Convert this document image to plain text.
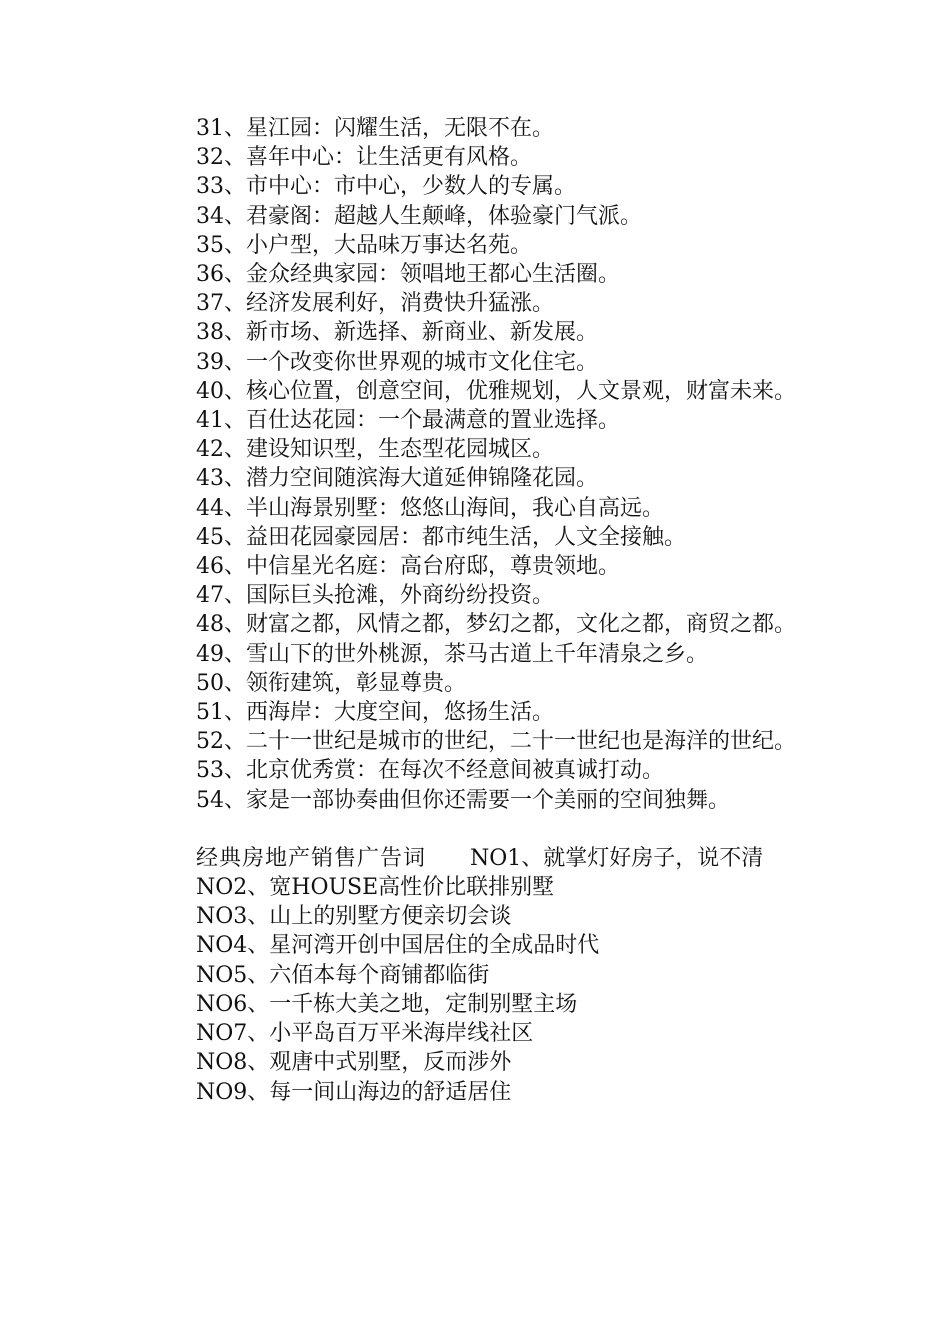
31、星江园：闪耀生活，无限不在。

32、喜年中心：让生活更有风格。

33、市中心：市中心，少数人的专属。

34、君豪阁：超越人生颠峰，体验豪门气派。

35、小户型，大品味万事达名苑。

36、金众经典家园：领唱地王都心生活圈。

37、经济发展利好，消费快升猛涨。

38、新市场、新选择、新商业、新发展。

39、一个改变你世界观的城市文化住宅。

40、核心位置，创意空间，优雅规划，人文景观，财富未来。

41、百仕达花园：一个最满意的置业选择。

42、建设知识型，生态型花园城区。

43、潜力空间随滨海大道延伸锦隆花园。

44、半山海景别墅：悠悠山海间，我心自高远。

45、益田花园豪园居：都市纯生活，人文全接触。

46、中信星光名庭：高台府邸，尊贵领地。

47、国际巨头抢滩，外商纷纷投资。

48、财富之都，风情之都，梦幻之都，文化之都，商贸之都。

49、雪山下的世外桃源，茶马古道上千年清泉之乡。

50、领衔建筑，彰显尊贵。

51、西海岸：大度空间，悠扬生活。

52、二十一世纪是城市的世纪，二十一世纪也是海洋的世纪。

53、北京优秀赏：在每次不经意间被真诚打动。

54、家是一部协奏曲但你还需要一个美丽的空间独舞。

经典房地产销售广告词 NO1、就掌灯好房子，说不清

NO2、宽HOUSE高性价比联排别墅

NO3、山上的别墅方便亲切会谈

NO4、星河湾开创中国居住的全成品时代

NO5、六佰本每个商铺都临街

NO6、一千栋大美之地，定制别墅主场

NO7、小平岛百万平米海岸线社区

NO8、观唐中式别墅，反而涉外

NO9、每一间山海边的舒适居住
